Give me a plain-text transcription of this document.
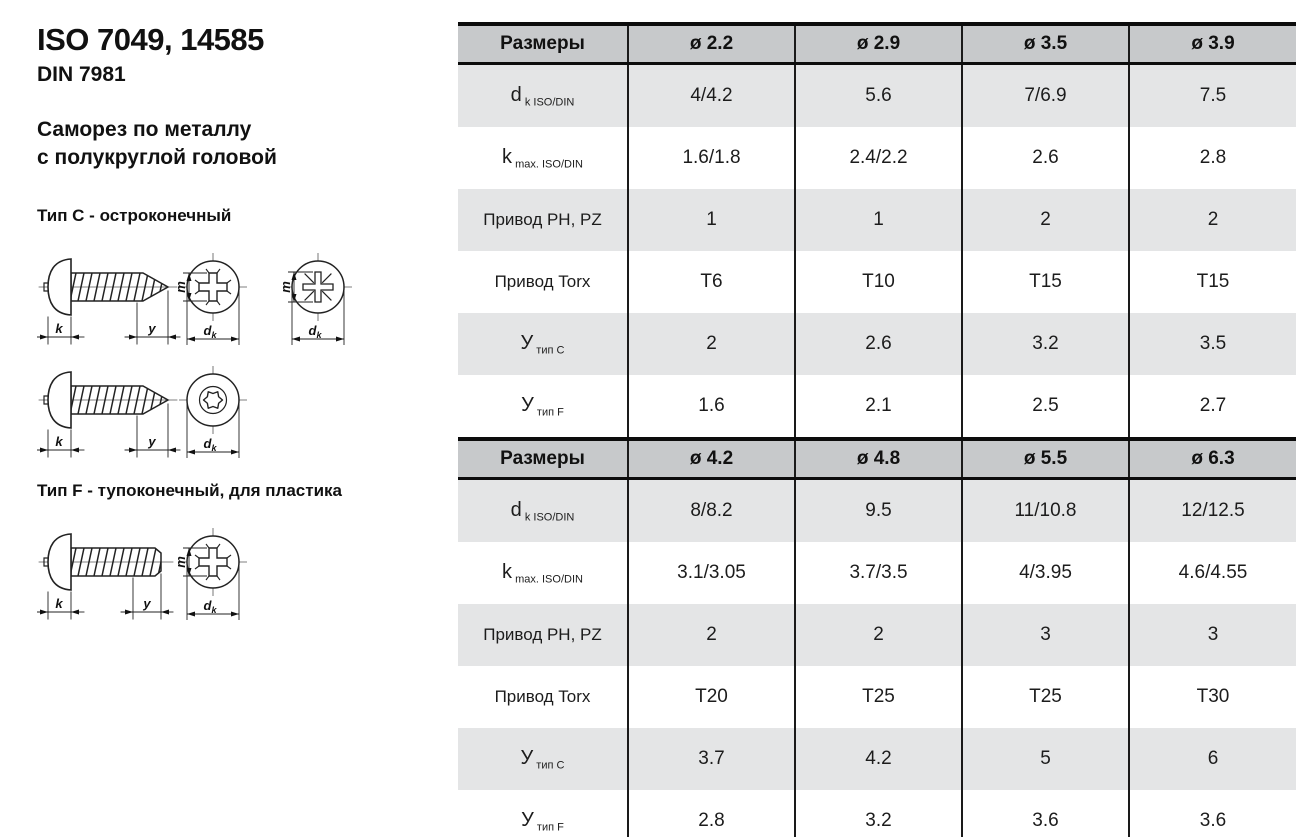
ISO 7049, 14585
DIN 7981
Саморез по металлу
с полукруглой головой
Тип C - остроконечный
Тип F - тупоконечный, для пластика
Размеры	ø 2.2	ø 2.9	ø 3.5	ø 3.9
d $_{k ISO/DIN}$	4/4.2	5.6	7/6.9	7.5
k $_{max. ISO/DIN}$	1.6/1.8	2.4/2.2	2.6	2.8
Привод PH, PZ	1	1	2	2
Привод Torx	T6	T10	T15	T15
У $_{тип C}$	2	2.6	3.2	3.5
У $_{тип F}$	1.6	2.1	2.5	2.7
Размеры	ø 4.2	ø 4.8	ø 5.5	ø 6.3
d $_{k ISO/DIN}$	8/8.2	9.5	11/10.8	12/12.5
k $_{max. ISO/DIN}$	3.1/3.05	3.7/3.5	4/3.95	4.6/4.55
Привод PH, PZ	2	2	3	3
Привод Torx	T20	T25	T25	T30
У $_{тип C}$	3.7	4.2	5	6
У $_{тип F}$	2.8	3.2	3.6	3.6
